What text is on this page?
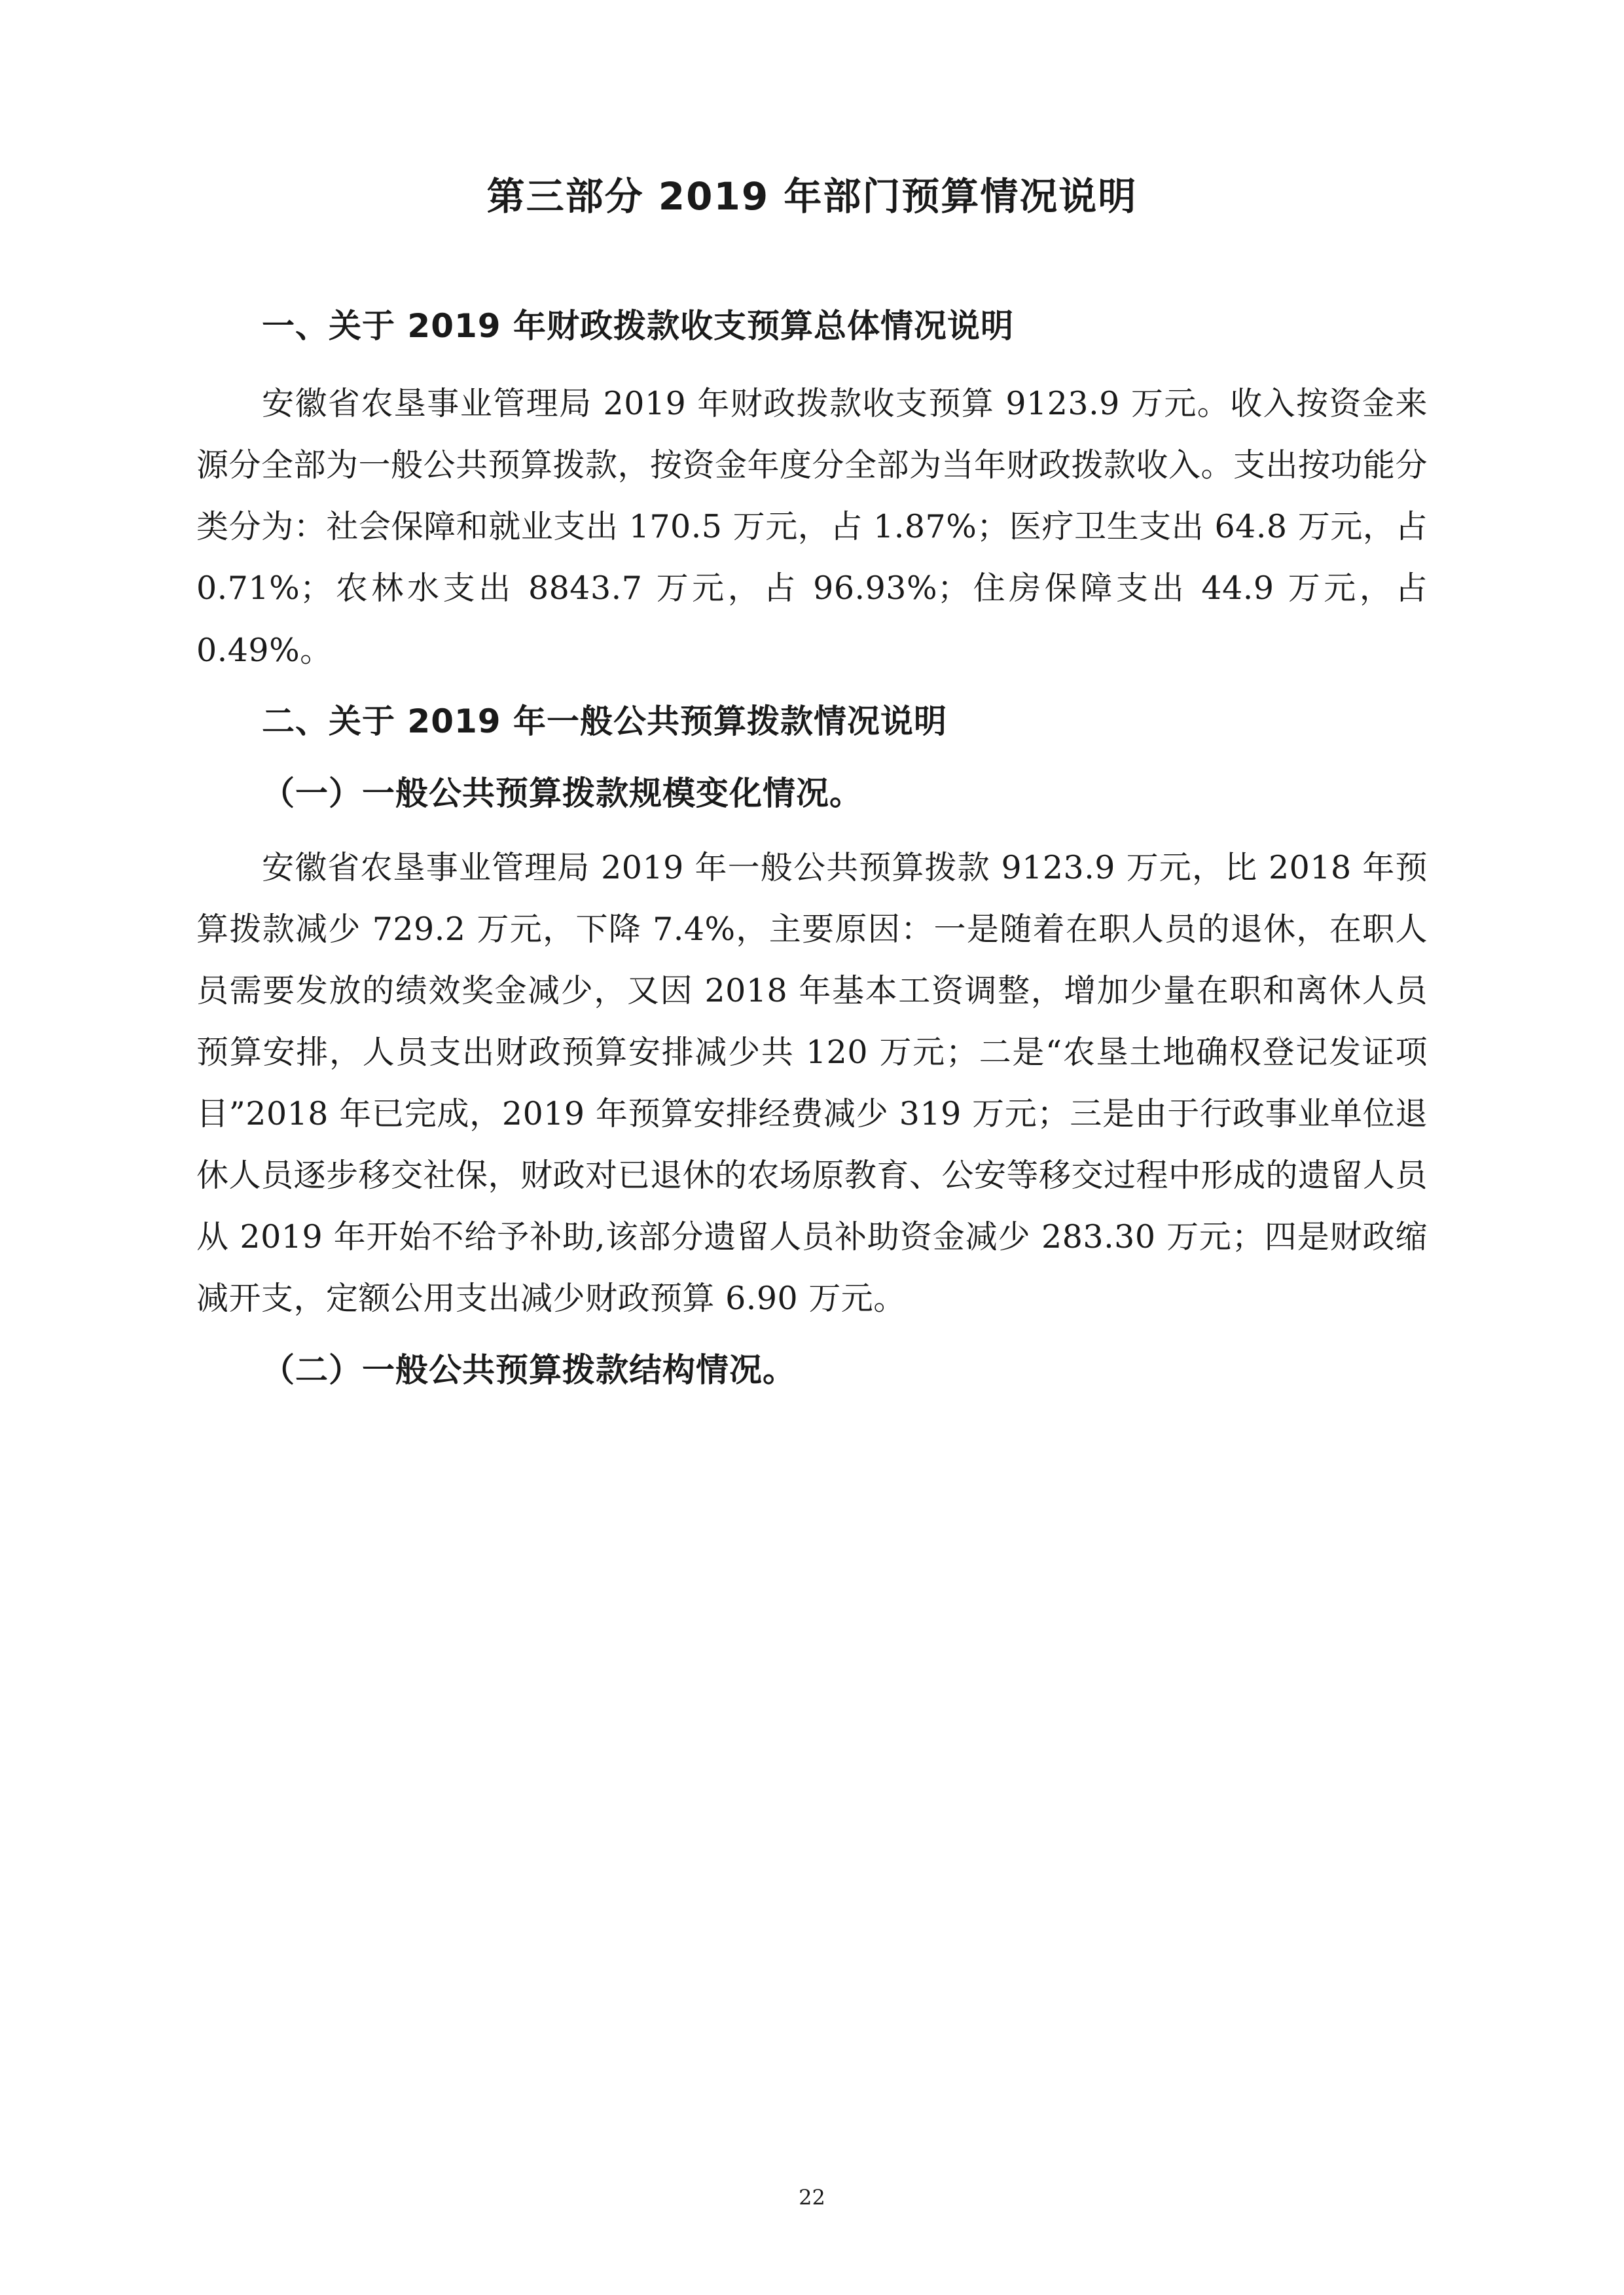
第三部分 2019 年部门预算情况说明
一、关于 2019 年财政拨款收支预算总体情况说明

安徽省农垦事业管理局 2019 年财政拨款收支预算 9123.9 万元。收入按资金来源分全部为一般公共预算拨款，按资金年度分全部为当年财政拨款收入。支出按功能分类分为：社会保障和就业支出 170.5 万元，占 1.87%；医疗卫生支出 64.8 万元，占 0.71%；农林水支出 8843.7 万元，占 96.93%；住房保障支出 44.9 万元，占 0.49%。

二、关于 2019 年一般公共预算拨款情况说明
（一）一般公共预算拨款规模变化情况。

安徽省农垦事业管理局 2019 年一般公共预算拨款 9123.9 万元，比 2018 年预算拨款减少 729.2 万元，下降 7.4%，主要原因：一是随着在职人员的退休，在职人员需要发放的绩效奖金减少，又因 2018 年基本工资调整，增加少量在职和离休人员预算安排，人员支出财政预算安排减少共 120 万元；二是“农垦土地确权登记发证项目”2018 年已完成，2019 年预算安排经费减少 319 万元；三是由于行政事业单位退休人员逐步移交社保，财政对已退休的农场原教育、公安等移交过程中形成的遗留人员从 2019 年开始不给予补助,该部分遗留人员补助资金减少 283.30 万元；四是财政缩减开支，定额公用支出减少财政预算 6.90 万元。

（二）一般公共预算拨款结构情况。
22
